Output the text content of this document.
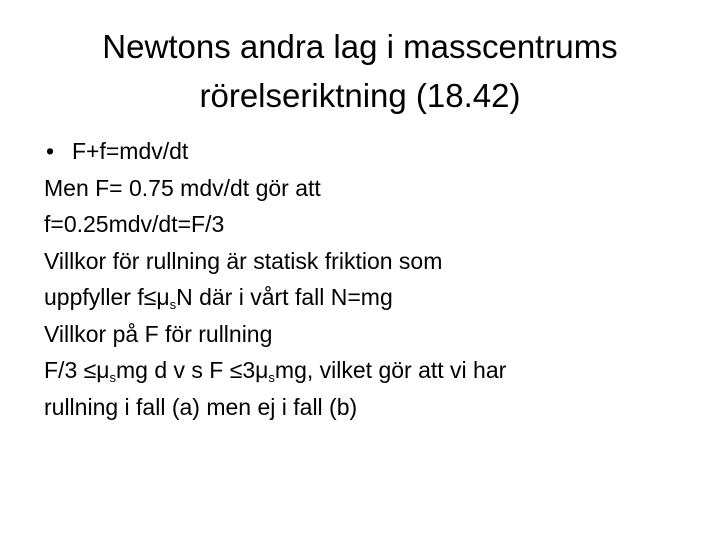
Newtons andra lag i masscentrums
rörelseriktning (18.42)
• F+f=mdv/dt
Men F= 0.75 mdv/dt gör att
f=0.25mdv/dt=F/3
Villkor för rullning är statisk friktion som
uppfyller $f\le\mu_sN$ där i vårt fall N=mg
Villkor på F för rullning
$F/3 \le\mu_smg$ d v s $F \le 3\mu_smg$, vilket gör att vi har
rullning i fall (a) men ej i fall (b)
